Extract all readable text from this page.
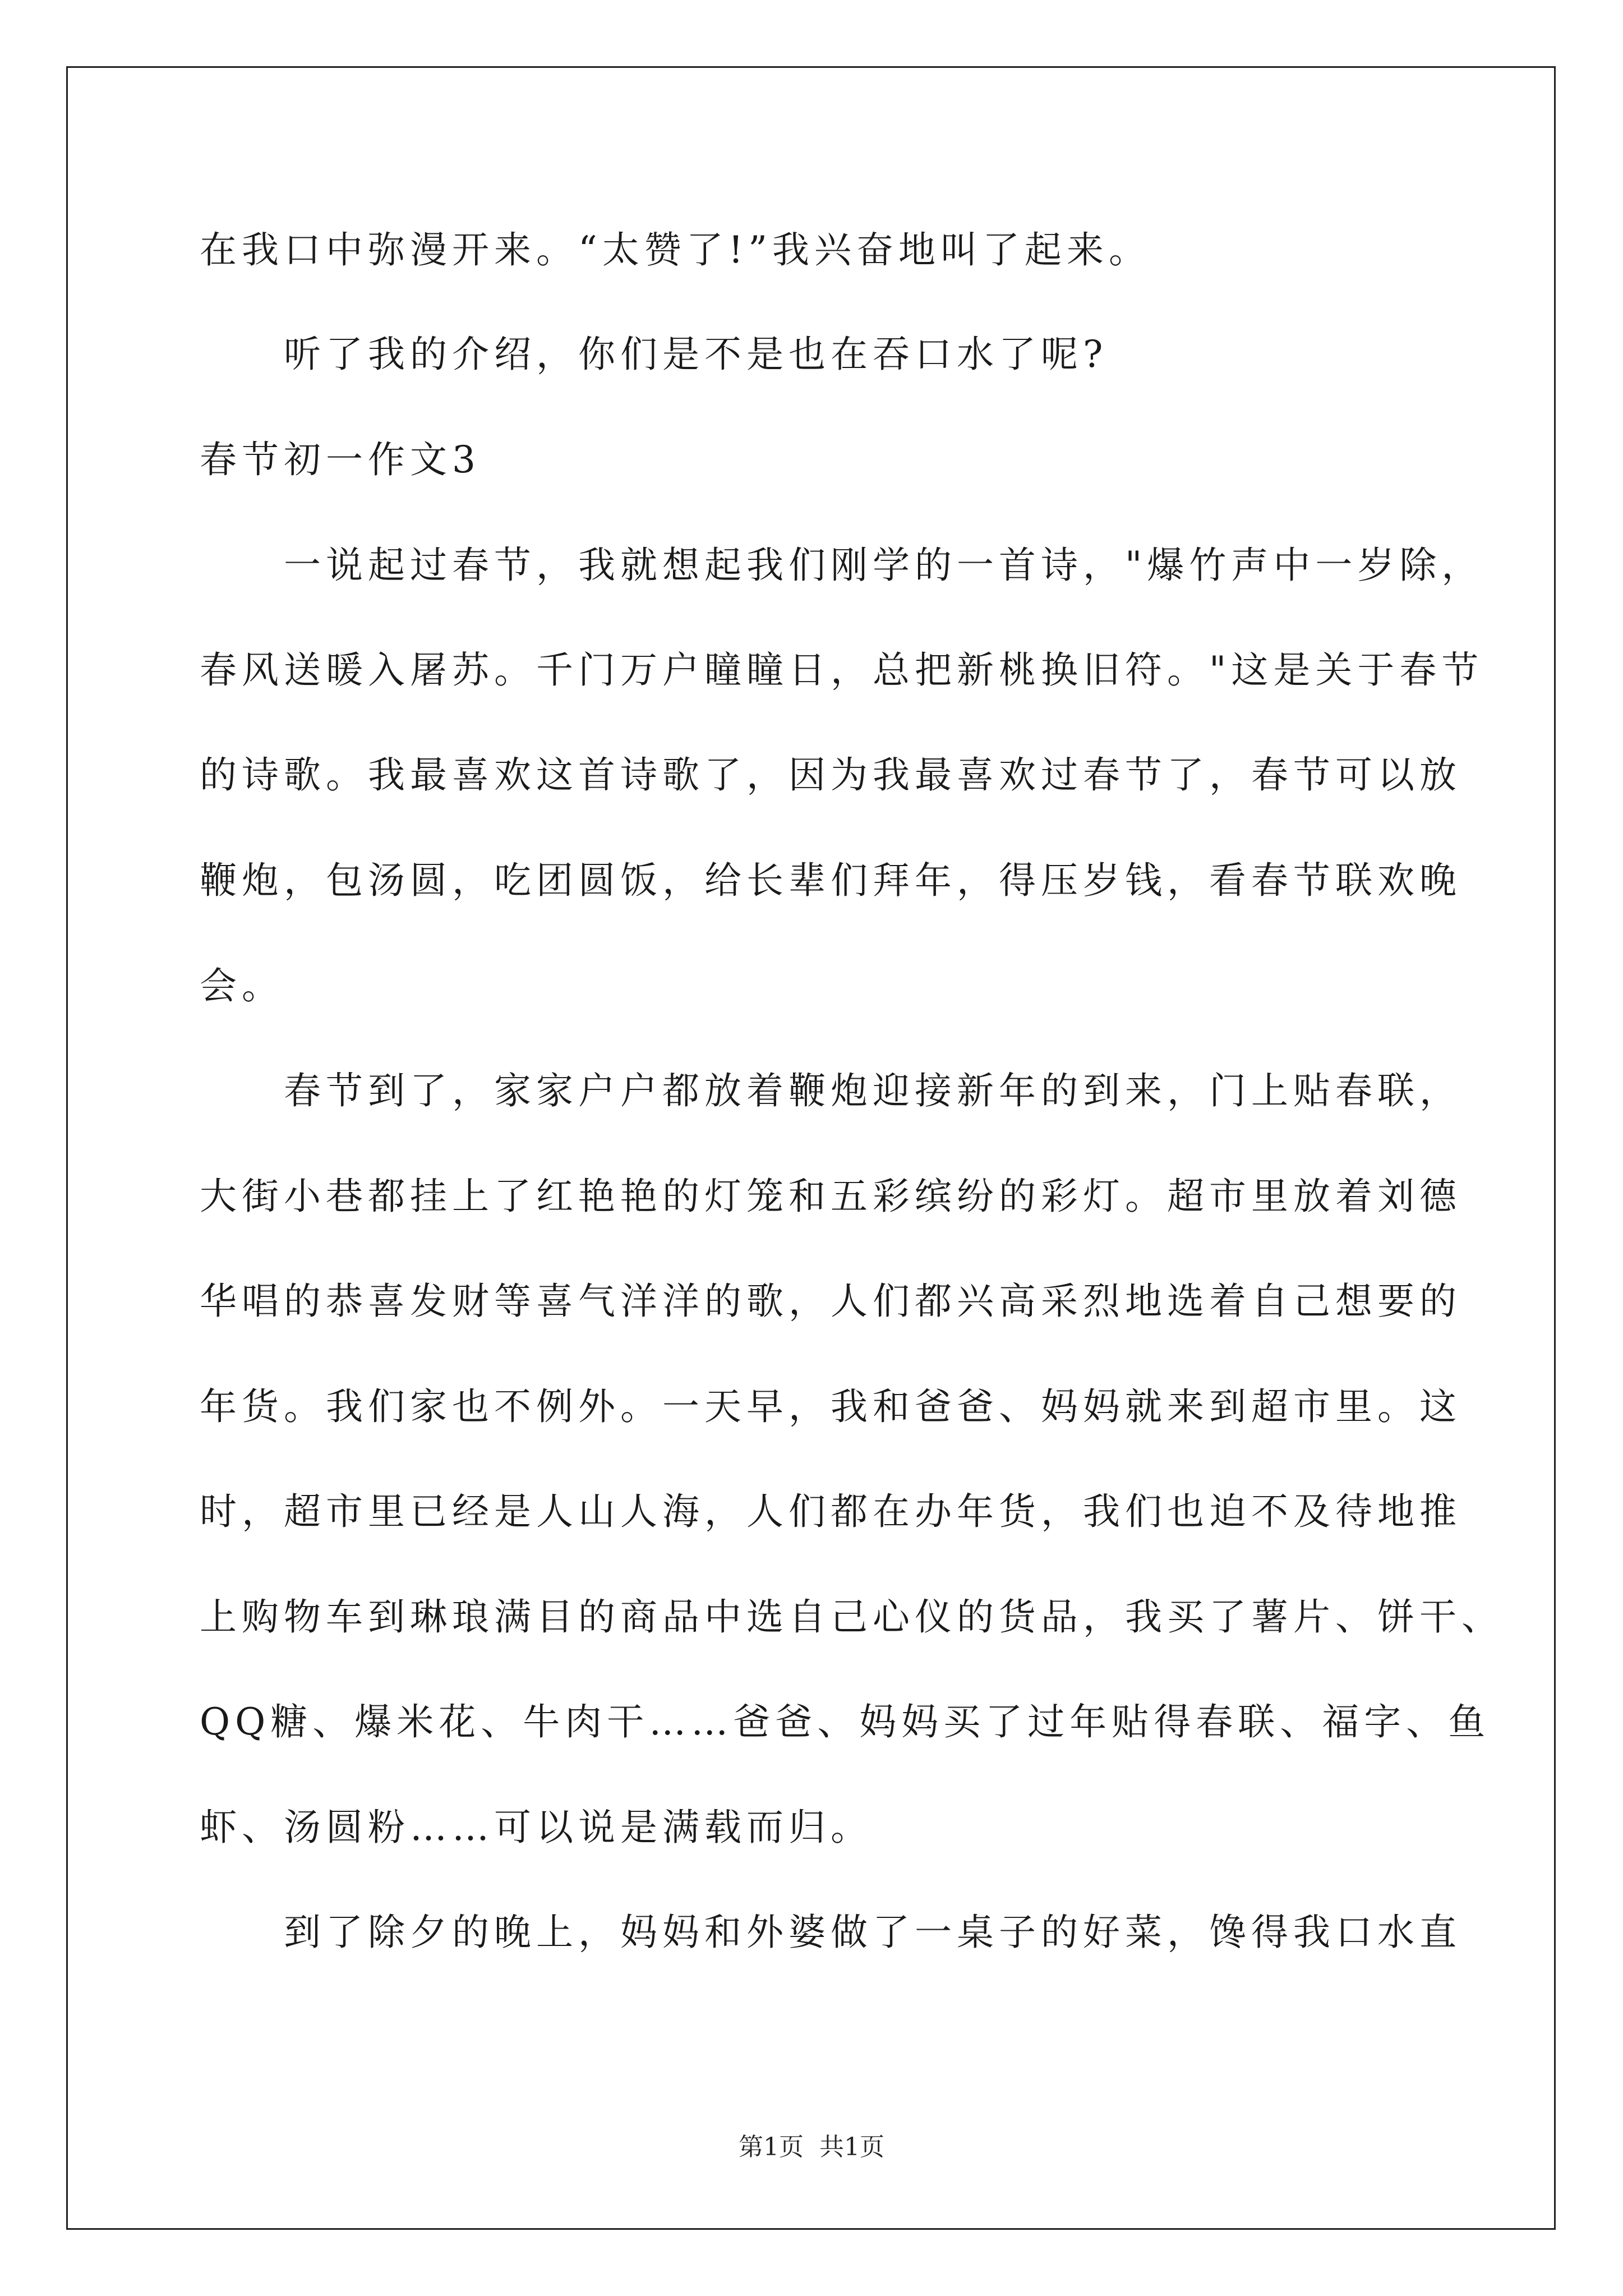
在我口中弥漫开来。“太赞了!”我兴奋地叫了起来。
　　听了我的介绍，你们是不是也在吞口水了呢?
春节初一作文3
　　一说起过春节，我就想起我们刚学的一首诗，"爆竹声中一岁除，
春风送暖入屠苏。千门万户瞳瞳日，总把新桃换旧符。"这是关于春节
的诗歌。我最喜欢这首诗歌了，因为我最喜欢过春节了，春节可以放
鞭炮，包汤圆，吃团圆饭，给长辈们拜年，得压岁钱，看春节联欢晚
会。
　　春节到了，家家户户都放着鞭炮迎接新年的到来，门上贴春联，
大街小巷都挂上了红艳艳的灯笼和五彩缤纷的彩灯。超市里放着刘德
华唱的恭喜发财等喜气洋洋的歌，人们都兴高采烈地选着自己想要的
年货。我们家也不例外。一天早，我和爸爸、妈妈就来到超市里。这
时，超市里已经是人山人海，人们都在办年货，我们也迫不及待地推
上购物车到琳琅满目的商品中选自己心仪的货品，我买了薯片、饼干、
QQ糖、爆米花、牛肉干……爸爸、妈妈买了过年贴得春联、福字、鱼
虾、汤圆粉……可以说是满载而归。
　　到了除夕的晚上，妈妈和外婆做了一桌子的好菜，馋得我口水直
第1页 共1页
